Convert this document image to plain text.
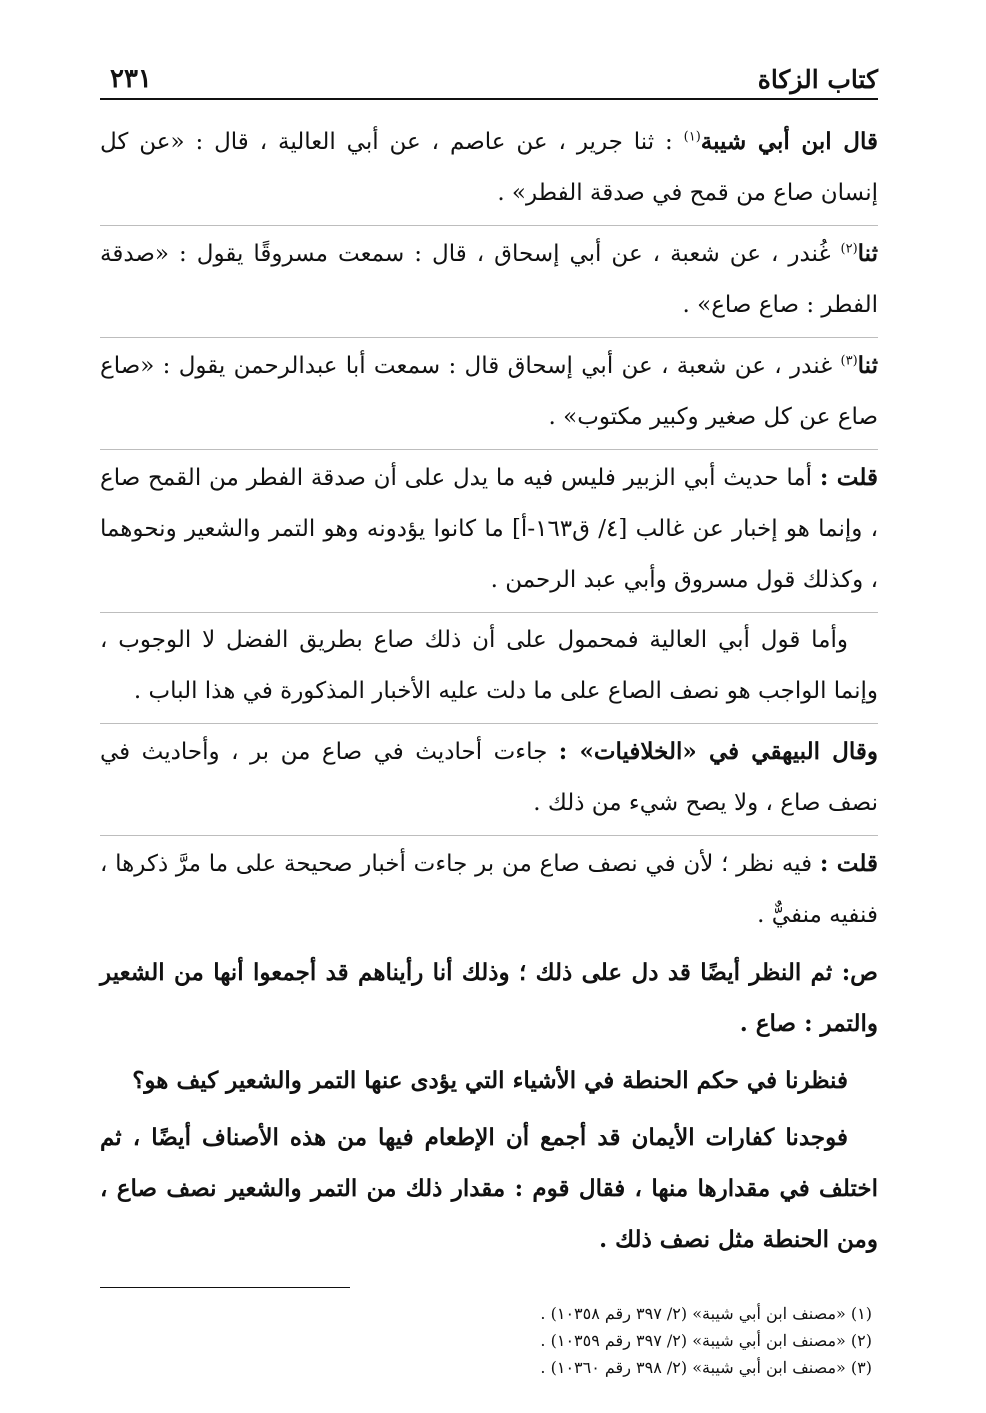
كتاب الزكاة
٢٣١

قال ابن أبي شيبة$^{(١)}$ : ثنا جرير ، عن عاصم ، عن أبي العالية ، قال : «عن كل إنسان صاع من قمح في صدقة الفطر» .

ثنا$^{(٢)}$ غُندر ، عن شعبة ، عن أبي إسحاق ، قال : سمعت مسروقًا يقول : «صدقة الفطر : صاع صاع» .

ثنا$^{(٣)}$ غندر ، عن شعبة ، عن أبي إسحاق قال : سمعت أبا عبدالرحمن يقول : «صاع صاع عن كل صغير وكبير مكتوب» .

قلت : أما حديث أبي الزبير فليس فيه ما يدل على أن صدقة الفطر من القمح صاع ، وإنما هو إخبار عن غالب [٤/ ق١٦٣-أ] ما كانوا يؤدونه وهو التمر والشعير ونحوهما ، وكذلك قول مسروق وأبي عبد الرحمن .

وأما قول أبي العالية فمحمول على أن ذلك صاع بطريق الفضل لا الوجوب ، وإنما الواجب هو نصف الصاع على ما دلت عليه الأخبار المذكورة في هذا الباب .

وقال البيهقي في «الخلافيات» : جاءت أحاديث في صاع من بر ، وأحاديث في نصف صاع ، ولا يصح شيء من ذلك .

قلت : فيه نظر ؛ لأن في نصف صاع من بر جاءت أخبار صحيحة على ما مرَّ ذكرها ، فنفيه منفيٌّ .

ص: ثم النظر أيضًا قد دل على ذلك ؛ وذلك أنا رأيناهم قد أجمعوا أنها من الشعير والتمر : صاع .

فنظرنا في حكم الحنطة في الأشياء التي يؤدى عنها التمر والشعير كيف هو؟

فوجدنا كفارات الأيمان قد أجمع أن الإطعام فيها من هذه الأصناف أيضًا ، ثم اختلف في مقدارها منها ، فقال قوم : مقدار ذلك من التمر والشعير نصف صاع ، ومن الحنطة مثل نصف ذلك .

(١) «مصنف ابن أبي شيبة» (٢/ ٣٩٧ رقم ١٠٣٥٨) .

(٢) «مصنف ابن أبي شيبة» (٢/ ٣٩٧ رقم ١٠٣٥٩) .

(٣) «مصنف ابن أبي شيبة» (٢/ ٣٩٨ رقم ١٠٣٦٠) .
